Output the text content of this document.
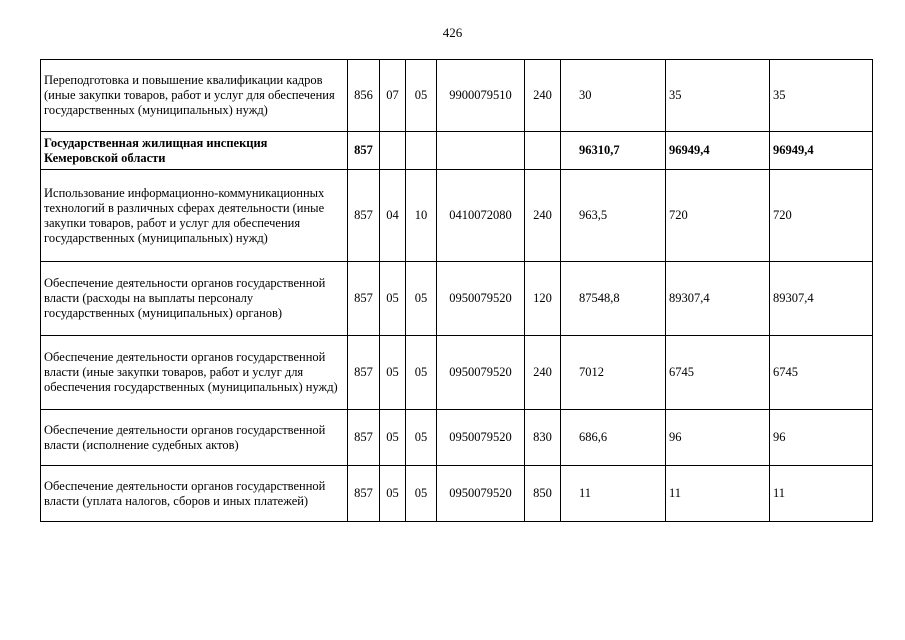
426
Переподготовка и повышение квалификации кадров (иные закупки товаров, работ и услуг для обеспечения государственных (муниципальных) нужд)	856	07	05	9900079510	240	30	35	35
Государственная жилищная инспекция Кемеровской области	857					96310,7	96949,4	96949,4
Использование информационно-коммуникационных технологий в различных сферах деятельности (иные закупки товаров, работ и услуг для обеспечения государственных (муниципальных) нужд)	857	04	10	0410072080	240	963,5	720	720
Обеспечение деятельности органов государственной власти (расходы на выплаты персоналу государственных (муниципальных) органов)	857	05	05	0950079520	120	87548,8	89307,4	89307,4
Обеспечение деятельности органов государственной власти (иные закупки товаров, работ и услуг для обеспечения государственных (муниципальных) нужд)	857	05	05	0950079520	240	7012	6745	6745
Обеспечение деятельности органов государственной власти (исполнение судебных актов)	857	05	05	0950079520	830	686,6	96	96
Обеспечение деятельности органов государственной власти (уплата налогов, сборов и иных платежей)	857	05	05	0950079520	850	11	11	11
